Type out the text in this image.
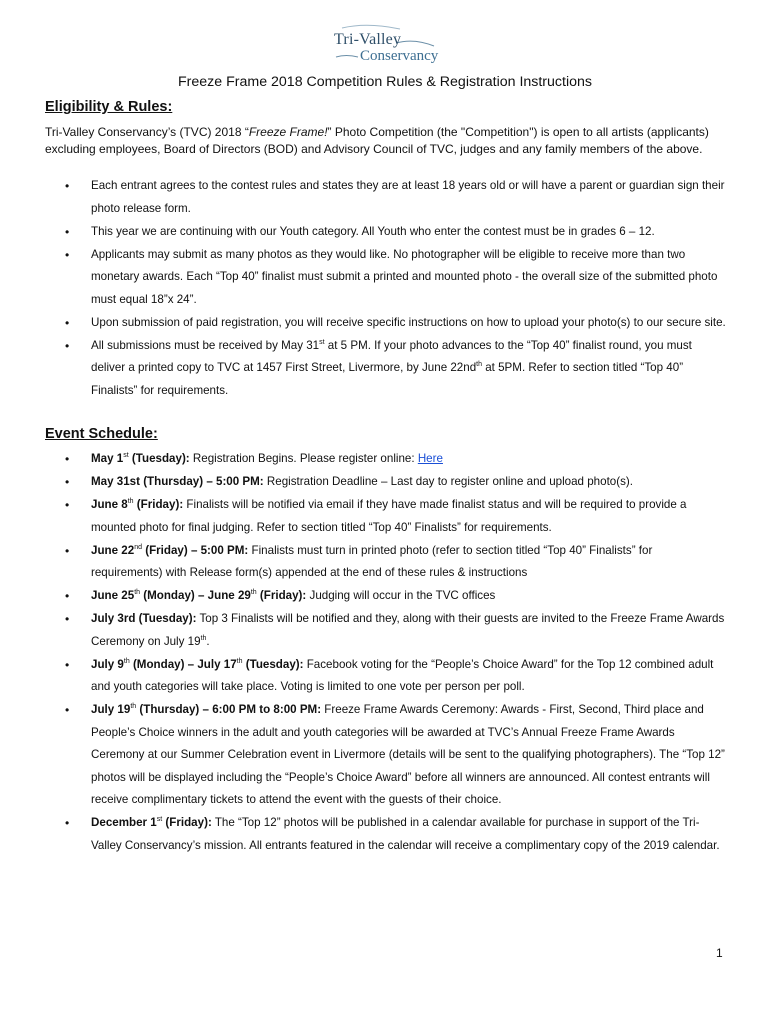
Tri-Valley
Conservancy
Freeze Frame 2018 Competition Rules & Registration Instructions
Eligibility & Rules:
Tri-Valley Conservancy’s (TVC) 2018 “Freeze Frame!” Photo Competition (the "Competition") is open to all artists (applicants) excluding employees, Board of Directors (BOD) and Advisory Council of TVC, judges and any family members of the above.
• Each entrant agrees to the contest rules and states they are at least 18 years old or will have a parent or guardian sign their photo release form.
• This year we are continuing with our Youth category. All Youth who enter the contest must be in grades 6 – 12.
• Applicants may submit as many photos as they would like. No photographer will be eligible to receive more than two monetary awards. Each “Top 40” finalist must submit a printed and mounted photo - the overall size of the submitted photo must equal 18”x 24”.
• Upon submission of paid registration, you will receive specific instructions on how to upload your photo(s) to our secure site.
• All submissions must be received by May 31st at 5 PM. If your photo advances to the “Top 40” finalist round, you must deliver a printed copy to TVC at 1457 First Street, Livermore, by June $22nd^{th}$ at 5PM. Refer to section titled “Top 40” Finalists” for requirements.
Event Schedule:
• May 1st (Tuesday): Registration Begins. Please register online: Here
• May 31st (Thursday) – 5:00 PM: Registration Deadline – Last day to register online and upload photo(s).
• June 8th (Friday): Finalists will be notified via email if they have made finalist status and will be required to provide a mounted photo for final judging. Refer to section titled “Top 40” Finalists” for requirements.
• June 22nd (Friday) – 5:00 PM: Finalists must turn in printed photo (refer to section titled “Top 40” Finalists” for requirements) with Release form(s) appended at the end of these rules & instructions
• June 25th (Monday) – June 29th (Friday): Judging will occur in the TVC offices
• July 3rd (Tuesday): Top 3 Finalists will be notified and they, along with their guests are invited to the Freeze Frame Awards Ceremony on July 19th.
• July 9th (Monday) – July 17th (Tuesday): Facebook voting for the “People’s Choice Award” for the Top 12 combined adult and youth categories will take place. Voting is limited to one vote per person per poll.
• July 19th (Thursday) – 6:00 PM to 8:00 PM: Freeze Frame Awards Ceremony: Awards - First, Second, Third place and People’s Choice winners in the adult and youth categories will be awarded at TVC’s Annual Freeze Frame Awards Ceremony at our Summer Celebration event in Livermore (details will be sent to the qualifying photographers). The “Top 12” photos will be displayed including the “People’s Choice Award” before all winners are announced. All contest entrants will receive complimentary tickets to attend the event with the guests of their choice.
• December 1st (Friday): The “Top 12” photos will be published in a calendar available for purchase in support of the Tri-Valley Conservancy’s mission. All entrants featured in the calendar will receive a complimentary copy of the 2019 calendar.
1
